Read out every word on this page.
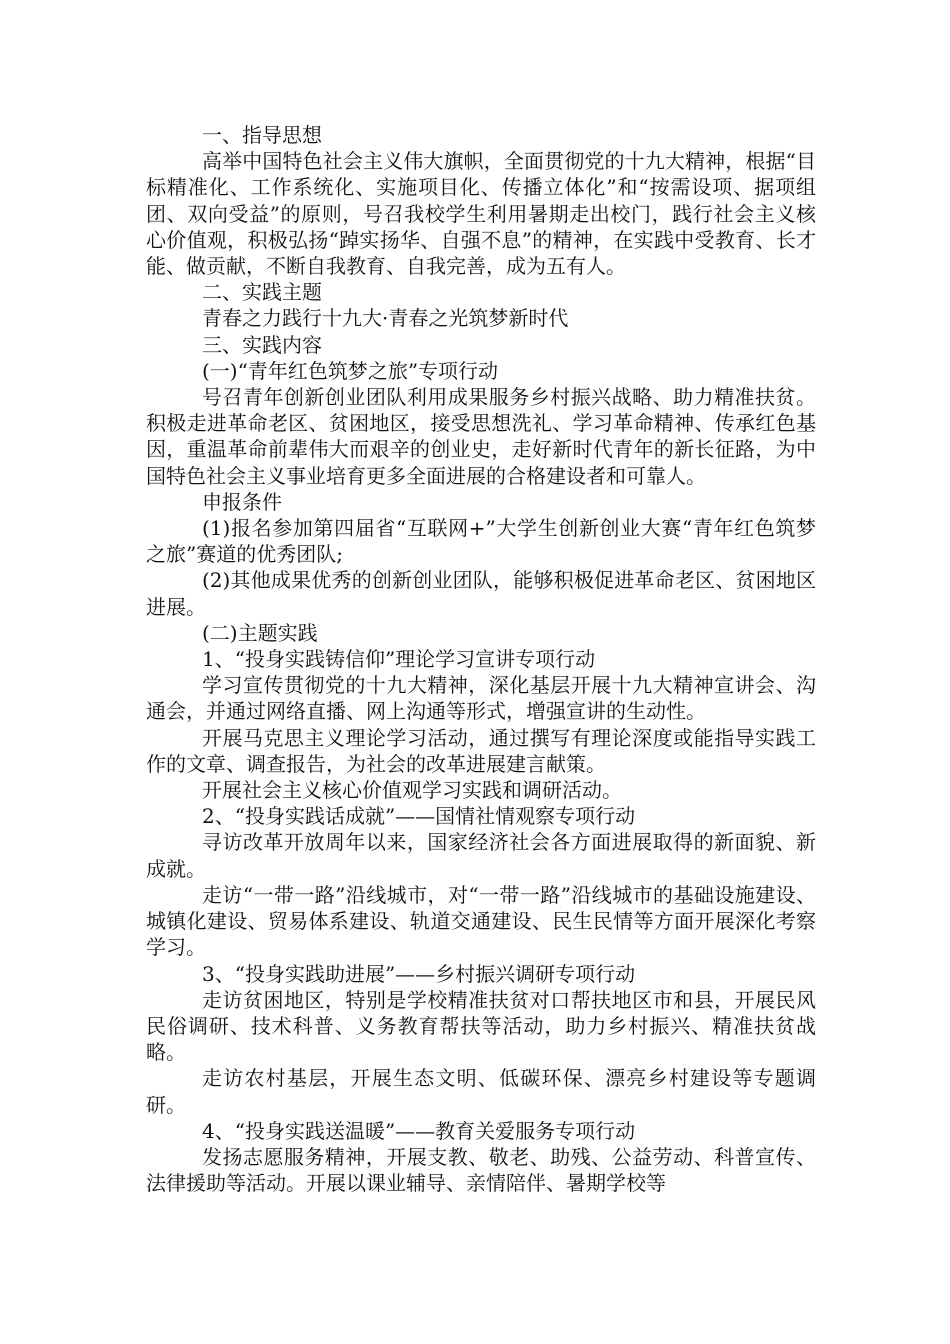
一、指导思想

高举中国特色社会主义伟大旗帜，全面贯彻党的十九大精神，根据“目标精准化、工作系统化、实施项目化、传播立体化”和“按需设项、据项组团、双向受益”的原则，号召我校学生利用暑期走出校门，践行社会主义核心价值观，积极弘扬“踔实扬华、自强不息”的精神，在实践中受教育、长才能、做贡献，不断自我教育、自我完善，成为五有人。

二、实践主题

青春之力践行十九大·青春之光筑梦新时代

三、实践内容

(一)“青年红色筑梦之旅”专项行动

号召青年创新创业团队利用成果服务乡村振兴战略、助力精准扶贫。积极走进革命老区、贫困地区，接受思想洗礼、学习革命精神、传承红色基因，重温革命前辈伟大而艰辛的创业史，走好新时代青年的新长征路，为中国特色社会主义事业培育更多全面进展的合格建设者和可靠人。

申报条件

(1)报名参加第四届省“互联网+”大学生创新创业大赛“青年红色筑梦之旅”赛道的优秀团队;

(2)其他成果优秀的创新创业团队，能够积极促进革命老区、贫困地区进展。

(二)主题实践

1、“投身实践铸信仰”理论学习宣讲专项行动

学习宣传贯彻党的十九大精神，深化基层开展十九大精神宣讲会、沟通会，并通过网络直播、网上沟通等形式，增强宣讲的生动性。

开展马克思主义理论学习活动，通过撰写有理论深度或能指导实践工作的文章、调查报告，为社会的改革进展建言献策。

开展社会主义核心价值观学习实践和调研活动。

2、“投身实践话成就”——国情社情观察专项行动

寻访改革开放周年以来，国家经济社会各方面进展取得的新面貌、新成就。

走访“一带一路”沿线城市，对“一带一路”沿线城市的基础设施建设、城镇化建设、贸易体系建设、轨道交通建设、民生民情等方面开展深化考察学习。

3、“投身实践助进展”——乡村振兴调研专项行动

走访贫困地区，特别是学校精准扶贫对口帮扶地区市和县，开展民风民俗调研、技术科普、义务教育帮扶等活动，助力乡村振兴、精准扶贫战略。

走访农村基层，开展生态文明、低碳环保、漂亮乡村建设等专题调研。

4、“投身实践送温暖”——教育关爱服务专项行动

发扬志愿服务精神，开展支教、敬老、助残、公益劳动、科普宣传、法律援助等活动。开展以课业辅导、亲情陪伴、暑期学校等
